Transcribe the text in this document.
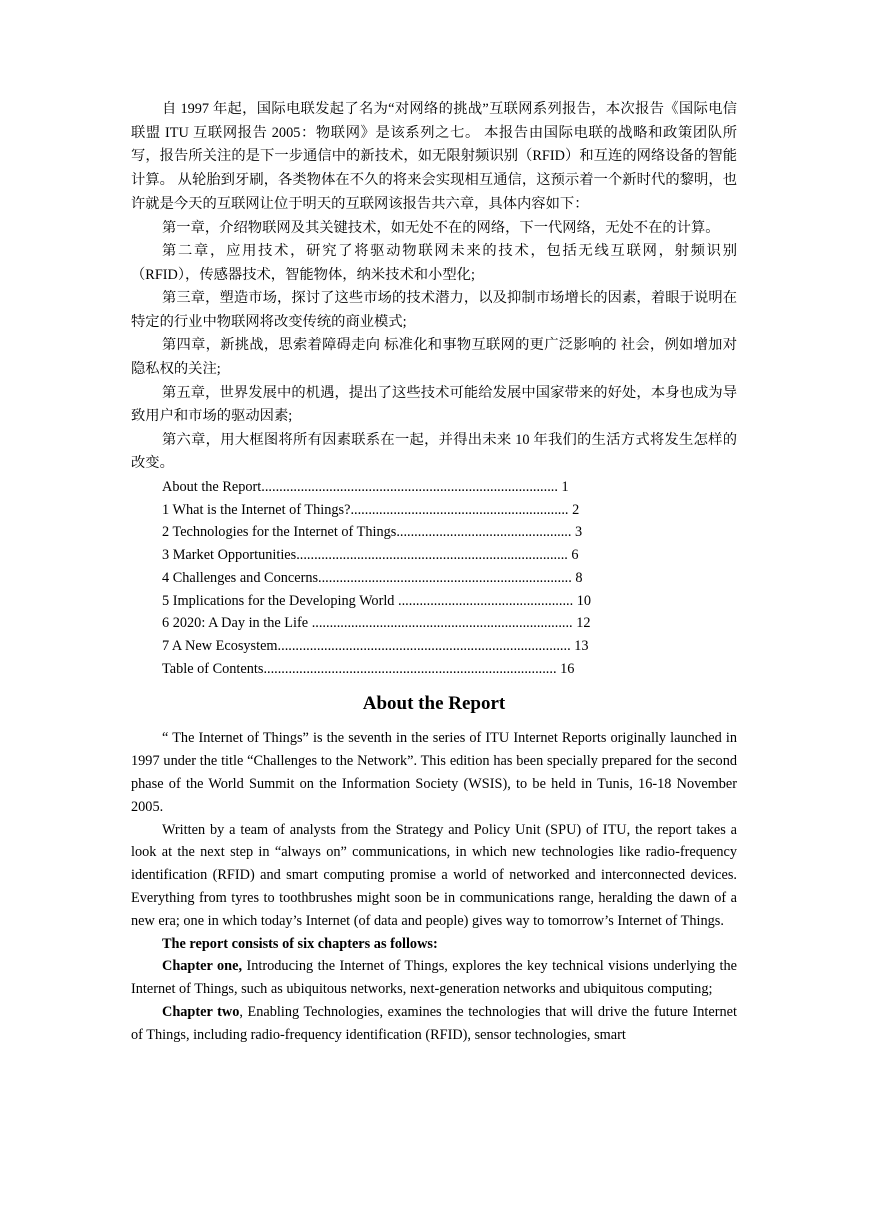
自 1997 年起，国际电联发起了名为“对网络的挑战”互联网系列报告，本次报告《国际电信联盟 ITU 互联网报告 2005：物联网》是该系列之七。 本报告由国际电联的战略和政策团队所写，报告所关注的是下一步通信中的新技术，如无限射频识别（RFID）和互连的网络设备的智能计算。 从轮胎到牙刷，各类物体在不久的将来会实现相互通信，这预示着一个新时代的黎明，也许就是今天的互联网让位于明天的互联网该报告共六章，具体内容如下：

第一章，介绍物联网及其关键技术，如无处不在的网络，下一代网络，无处不在的计算。

第二章，应用技术，研究了将驱动物联网未来的技术，包括无线互联网，射频识别（RFID），传感器技术，智能物体，纳米技术和小型化;

第三章，塑造市场，探讨了这些市场的技术潜力，以及抑制市场增长的因素，着眼于说明在特定的行业中物联网将改变传统的商业模式;

第四章，新挑战，思索着障碍走向 标准化和事物互联网的更广泛影响的 社会，例如增加对隐私权的关注;

第五章，世界发展中的机遇，提出了这些技术可能给发展中国家带来的好处，本身也成为导致用户和市场的驱动因素;

第六章，用大框图将所有因素联系在一起，并得出未来 10 年我们的生活方式将发生怎样的改变。

About the Report................................................................................... 1
1 What is the Internet of Things?............................................................. 2
2 Technologies for the Internet of Things................................................. 3
3 Market Opportunities............................................................................ 6
4 Challenges and Concerns....................................................................... 8
5 Implications for the Developing World ................................................. 10
6 2020: A Day in the Life ......................................................................... 12
7 A New Ecosystem.................................................................................. 13
Table of Contents.................................................................................. 16
About the Report

“ The Internet of Things” is the seventh in the series of ITU Internet Reports originally launched in 1997 under the title “Challenges to the Network”. This edition has been specially prepared for the second phase of the World Summit on the Information Society (WSIS), to be held in Tunis, 16-18 November 2005.

Written by a team of analysts from the Strategy and Policy Unit (SPU) of ITU, the report takes a look at the next step in “always on” communications, in which new technologies like radio-frequency identification (RFID) and smart computing promise a world of networked and interconnected devices. Everything from tyres to toothbrushes might soon be in communications range, heralding the dawn of a new era; one in which today’s Internet (of data and people) gives way to tomorrow’s Internet of Things.

The report consists of six chapters as follows:

Chapter one, Introducing the Internet of Things, explores the key technical visions underlying the Internet of Things, such as ubiquitous networks, next-generation networks and ubiquitous computing;

Chapter two, Enabling Technologies, examines the technologies that will drive the future Internet of Things, including radio-frequency identification (RFID), sensor technologies, smart
